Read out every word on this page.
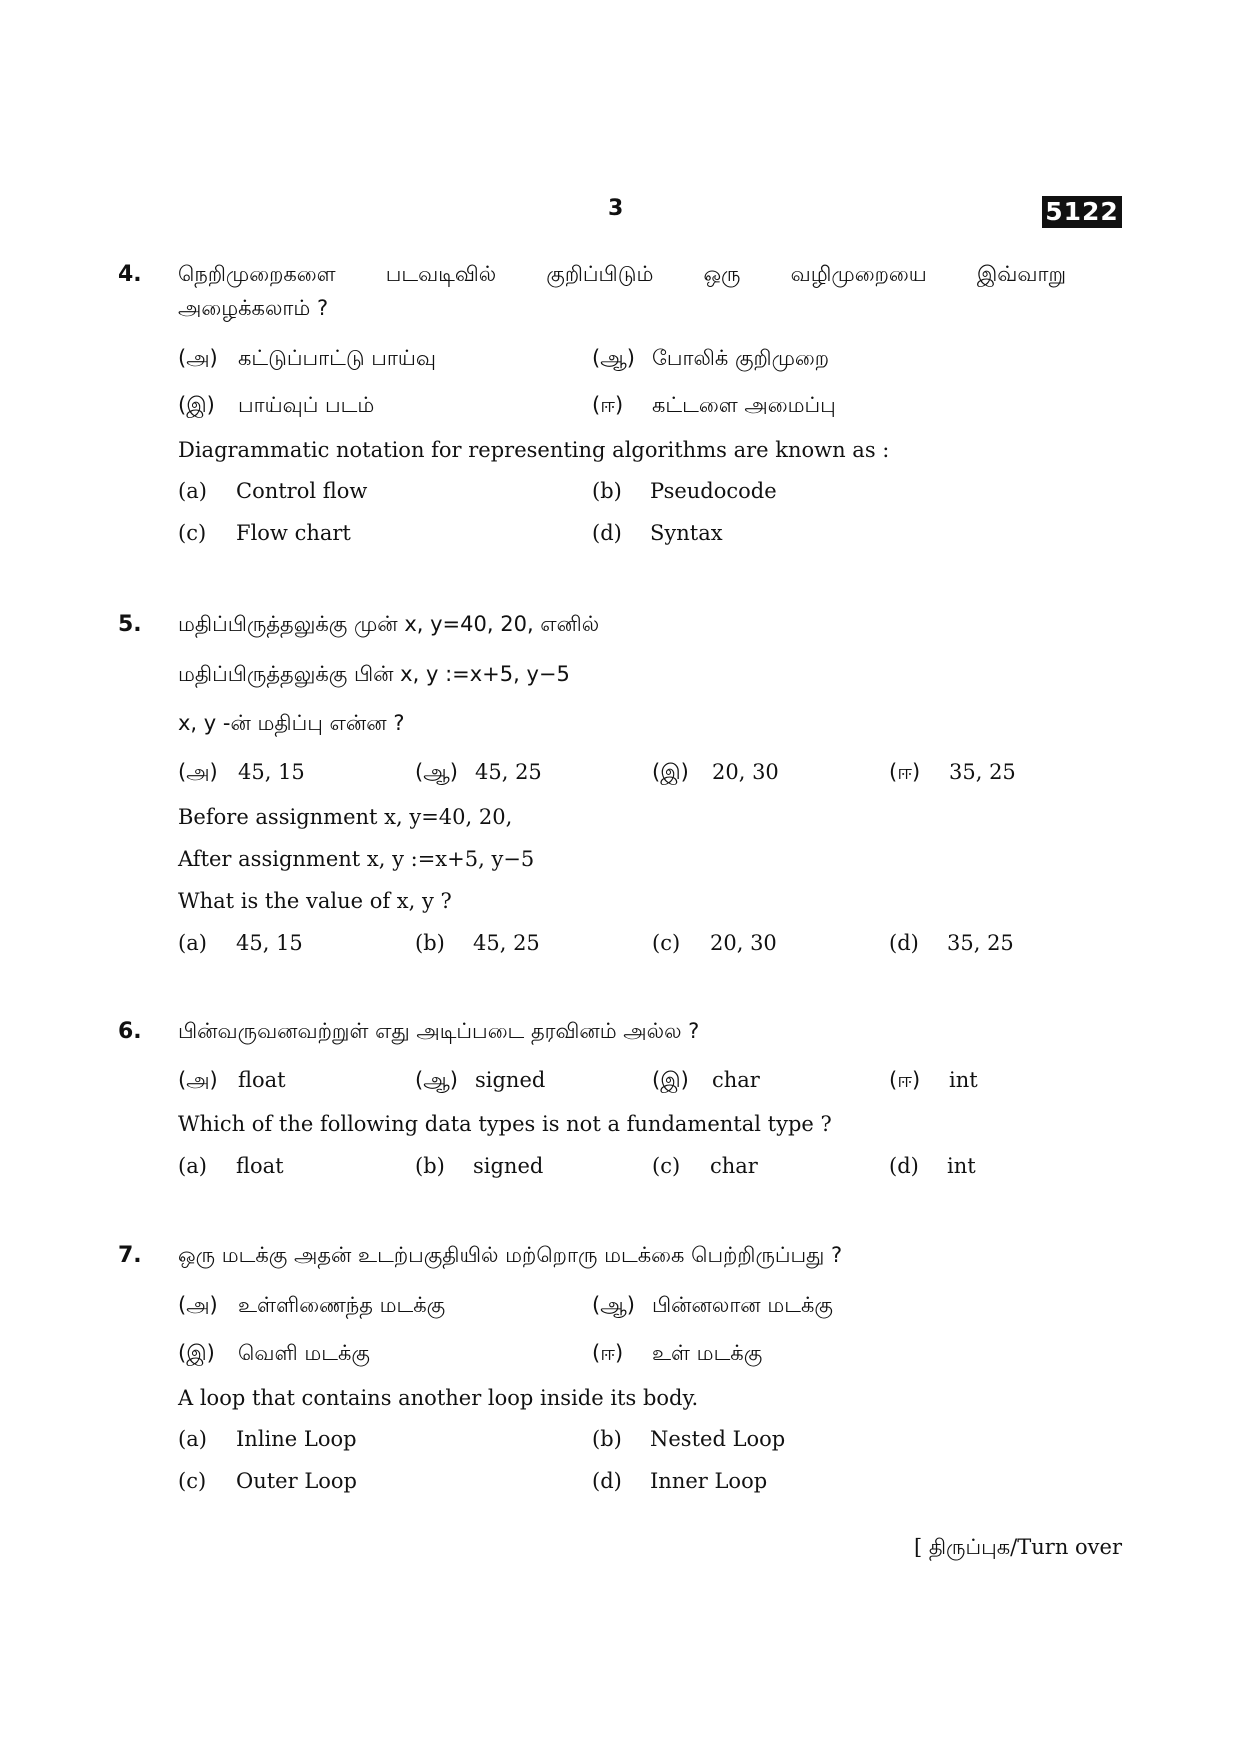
3	5122
4. நெறிமுறைகளை படவடிவில் குறிப்பிடும் ஒரு வழிமுறையை இவ்வாறு
அழைக்கலாம் ?
(அ) கட்டுப்பாட்டு பாய்வு	(ஆ) போலிக் குறிமுறை
(இ) பாய்வுப் படம்	(ஈ) கட்டளை அமைப்பு
Diagrammatic notation for representing algorithms are known as :
(a) Control flow	(b) Pseudocode
(c) Flow chart	(d) Syntax
5. மதிப்பிருத்தலுக்கு முன் x, y=40, 20, எனில்
மதிப்பிருத்தலுக்கு பின் x, y :=x+5, y−5
x, y -ன் மதிப்பு என்ன ?
(அ) 45, 15	(ஆ) 45, 25	(இ) 20, 30	(ஈ) 35, 25
Before assignment x, y=40, 20,
After assignment x, y :=x+5, y−5
What is the value of x, y ?
(a) 45, 15	(b) 45, 25	(c) 20, 30	(d) 35, 25
6. பின்வருவனவற்றுள் எது அடிப்படை தரவினம் அல்ல ?
(அ) float	(ஆ) signed	(இ) char	(ஈ) int
Which of the following data types is not a fundamental type ?
(a) float	(b) signed	(c) char	(d) int
7. ஒரு மடக்கு அதன் உடற்பகுதியில் மற்றொரு மடக்கை பெற்றிருப்பது ?
(அ) உள்ளிணைந்த மடக்கு	(ஆ) பின்னலான மடக்கு
(இ) வெளி மடக்கு	(ஈ) உள் மடக்கு
A loop that contains another loop inside its body.
(a) Inline Loop	(b) Nested Loop
(c) Outer Loop	(d) Inner Loop
[ திருப்புக/Turn over
